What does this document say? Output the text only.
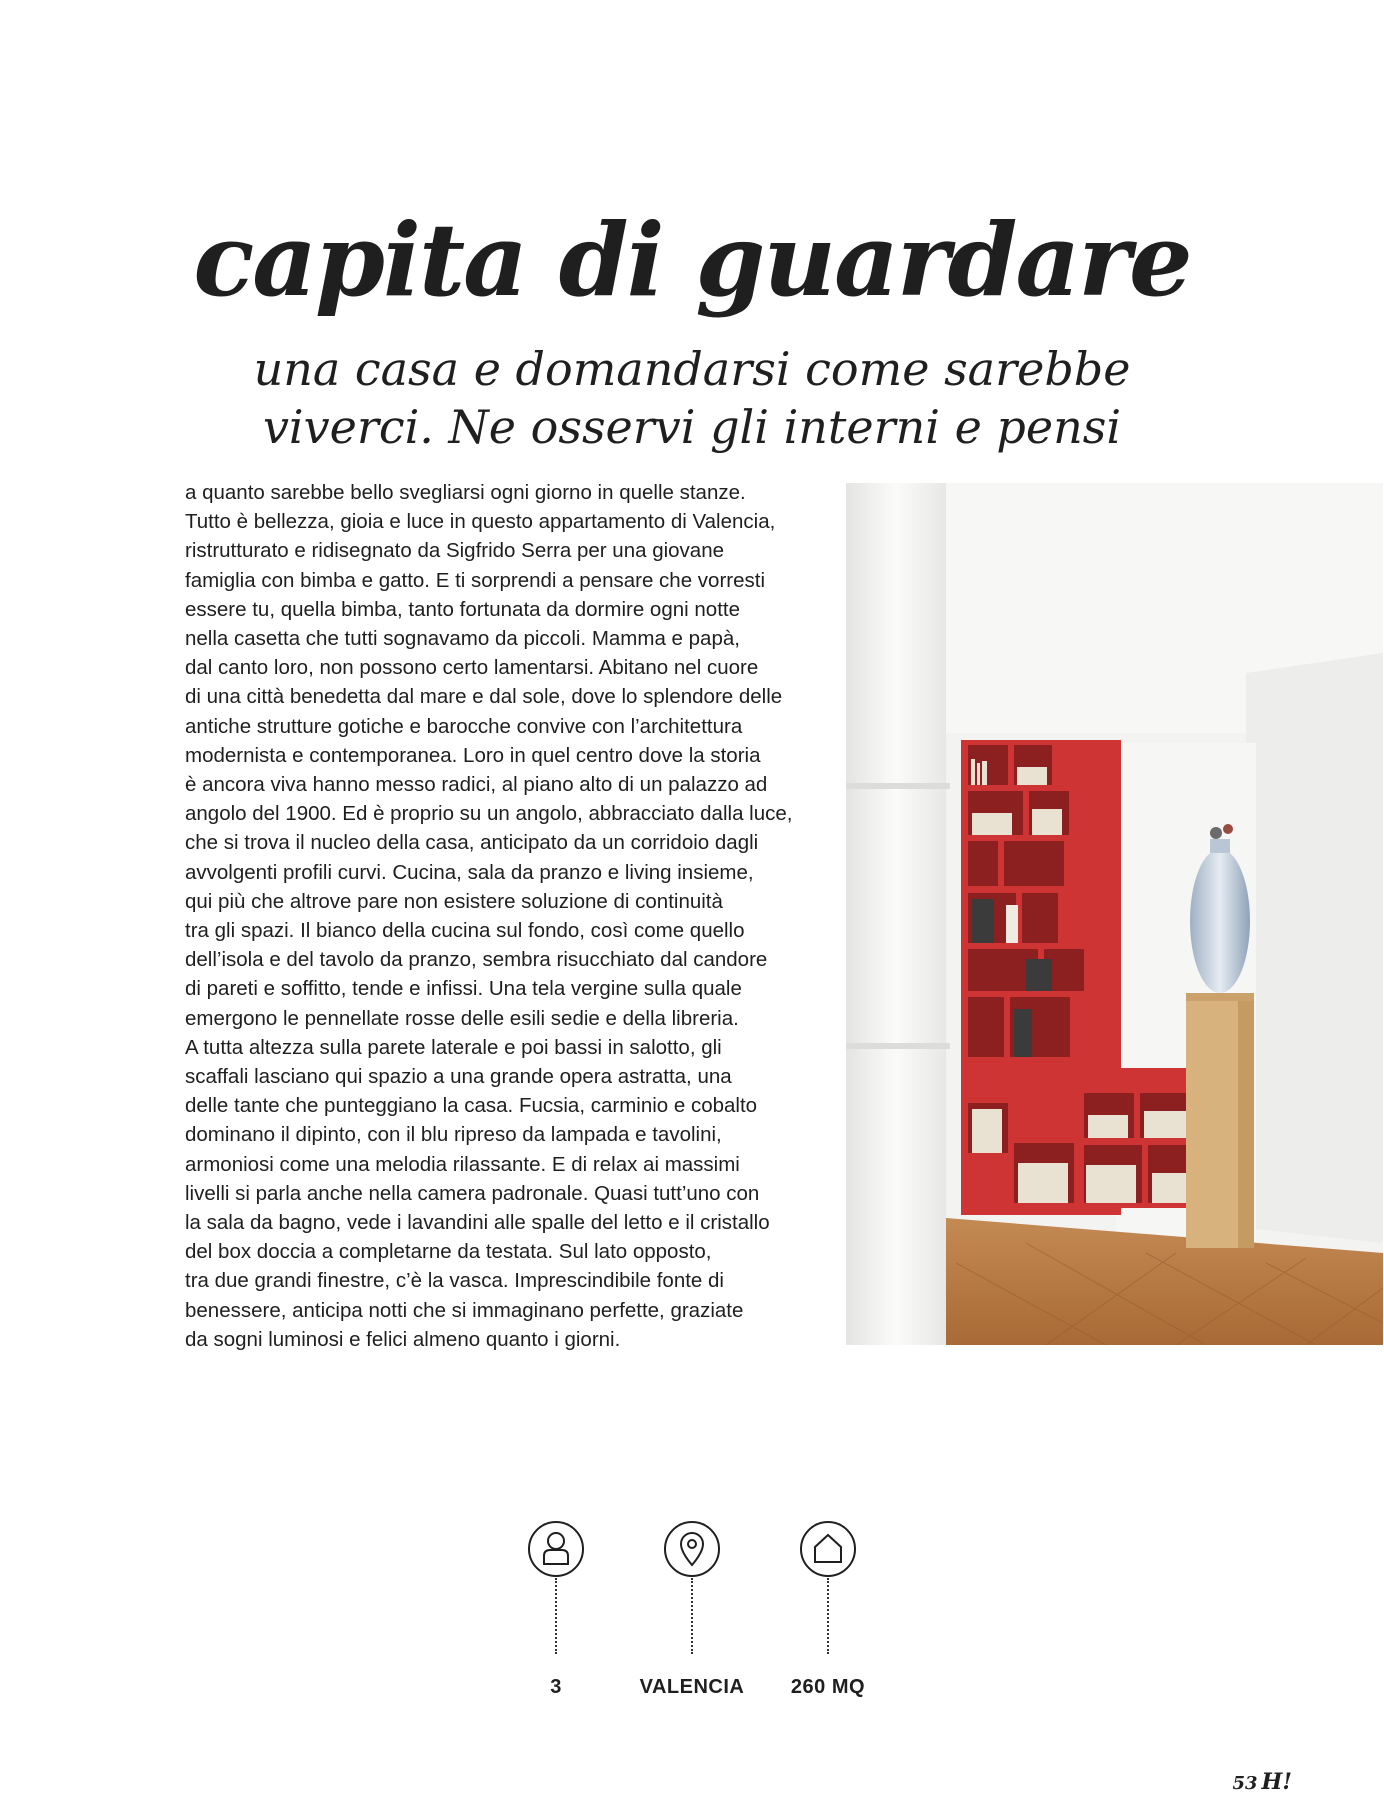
capita di guardare
una casa e domandarsi come sarebbe
viverci. Ne osservi gli interni e pensi
a quanto sarebbe bello svegliarsi ogni giorno in quelle stanze.
Tutto è bellezza, gioia e luce in questo appartamento di Valencia,
ristrutturato e ridisegnato da Sigfrido Serra per una giovane
famiglia con bimba e gatto. E ti sorprendi a pensare che vorresti
essere tu, quella bimba, tanto fortunata da dormire ogni notte
nella casetta che tutti sognavamo da piccoli. Mamma e papà,
dal canto loro, non possono certo lamentarsi. Abitano nel cuore
di una città benedetta dal mare e dal sole, dove lo splendore delle
antiche strutture gotiche e barocche convive con l’architettura
modernista e contemporanea. Loro in quel centro dove la storia
è ancora viva hanno messo radici, al piano alto di un palazzo ad
angolo del 1900. Ed è proprio su un angolo, abbracciato dalla luce,
che si trova il nucleo della casa, anticipato da un corridoio dagli
avvolgenti profili curvi. Cucina, sala da pranzo e living insieme,
qui più che altrove pare non esistere soluzione di continuità
tra gli spazi. Il bianco della cucina sul fondo, così come quello
dell’isola e del tavolo da pranzo, sembra risucchiato dal candore
di pareti e soffitto, tende e infissi. Una tela vergine sulla quale
emergono le pennellate rosse delle esili sedie e della libreria.
A tutta altezza sulla parete laterale e poi bassi in salotto, gli
scaffali lasciano qui spazio a una grande opera astratta, una
delle tante che punteggiano la casa. Fucsia, carminio e cobalto
dominano il dipinto, con il blu ripreso da lampada e tavolini,
armoniosi come una melodia rilassante. E di relax ai massimi
livelli si parla anche nella camera padronale. Quasi tutt’uno con
la sala da bagno, vede i lavandini alle spalle del letto e il cristallo
del box doccia a completarne da testata. Sul lato opposto,
tra due grandi finestre, c’è la vasca. Imprescindibile fonte di
benessere, anticipa notti che si immaginano perfette, graziate
da sogni luminosi e felici almeno quanto i giorni.
3	VALENCIA	260 MQ
53 H!
